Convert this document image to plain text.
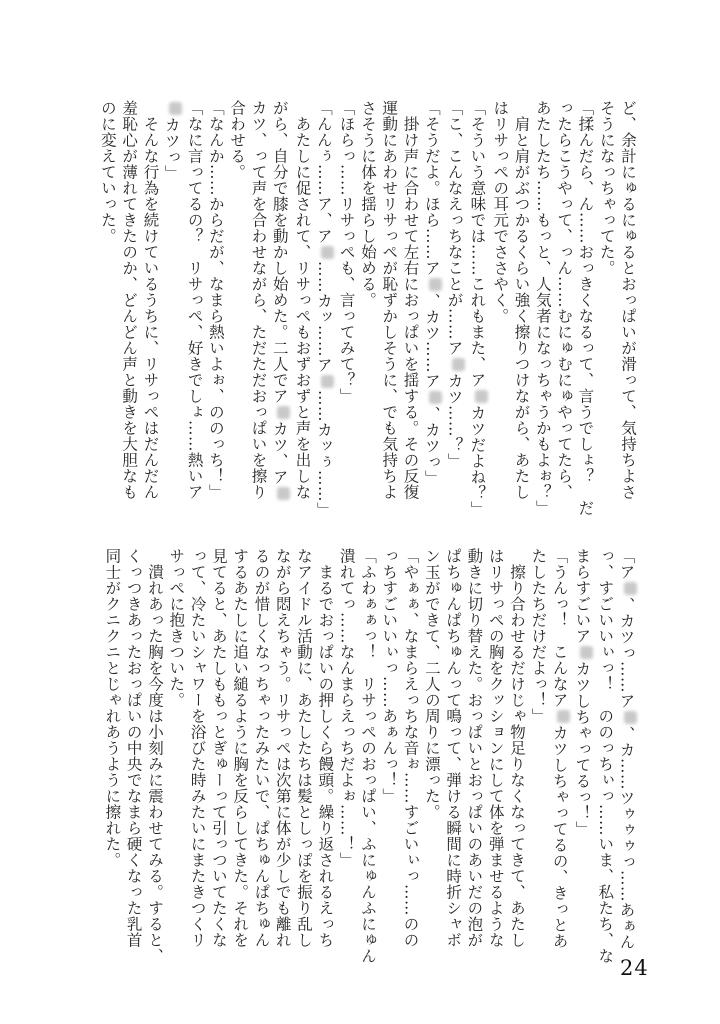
ど、余計にゅるにゅるとおっぱいが滑って、気持ちよさ

そうになっちゃってた。

「揉んだら、ん……おっきくなるって、言うでしょ？　だ

ったらこうやって、っん……むにゅむにゅやってたら、

あたしたち……もっと、人気者になっちゃうかもよぉ？」

肩と肩がぶつかるくらい強く擦りつけながら、あたし

はリサっぺの耳元でささやく。

「そういう意味では……これもまた、アカツだよね？」

「こ、こんなえっちなことが……アカツ……？」

「そうだよ。ほら……ア、カツ……ア、カツっ」

掛け声に合わせて左右におっぱいを揺する。その反復

運動にあわせリサっぺが恥ずかしそうに、でも気持ちよ

さそうに体を揺らし始める。

「ほらっ……リサっぺも、言ってみて？」

「んんぅ……ア、ア……カッ……ア……カッぅ……」

あたしに促されて、リサっぺもおずおずと声を出しな

がら、自分で膝を動かし始めた。二人でアカツ、ア

カツ、って声を合わせながら、ただただおっぱいを擦り

合わせる。

「なんか……からだが、なまら熱いよぉ、ののっち！」

「なに言ってるの？　リサっぺ、好きでしょ……熱いア

カツっ」

そんな行為を続けているうちに、リサっぺはだんだん

羞恥心が薄れてきたのか、どんどん声と動きを大胆なも

のに変えていった。

「ア、カツっ……ア、カ……ツゥゥゥっ……あぁん

っ、すごいいぃっ！　ののっちぃっ……いま、私たち、な

まらすごいアカツしちゃってるっ！」

「うんっ！　こんなアカツしちゃってるの、きっとあ

たしたちだけだよっ！」

擦り合わせるだけじゃ物足りなくなってきて、あたし

はリサっぺの胸をクッションにして体を弾ませるような

動きに切り替えた。おっぱいとおっぱいのあいだの泡が

ぱちゅんぱちゅんって鳴って、弾ける瞬間に時折シャボ

ン玉ができて、二人の周りに漂った。

「やぁぁ、なまらえっちな音ぉ……すごいぃっ……のの

っちすごいいぃっ……あぁんっ！」

「ふわぁぁっ！　リサっぺのおっぱい、ふにゅんふにゅん

潰れてっ……なんまらえっちだよぉ……！」

まるでおっぱいの押しくら饅頭。繰り返されるえっち

なアイドル活動に、あたしたちは髪としっぽを振り乱し

ながら悶えちゃう。リサっぺは次第に体が少しでも離れ

るのが惜しくなっちゃったみたいで、ぱちゅんぱちゅん

するあたしに追い縋るように胸を反らしてきた。それを

見てると、あたしももっとぎゅーって引っついてたくな

って、冷たいシャワーを浴びた時みたいにまたきつくリ

サっぺに抱きついた。

潰れあった胸を今度は小刻みに震わせてみる。すると、

くっつきあったおっぱいの中央でなまら硬くなった乳首

同士がクニクニとじゃれあうように擦れた。

24
